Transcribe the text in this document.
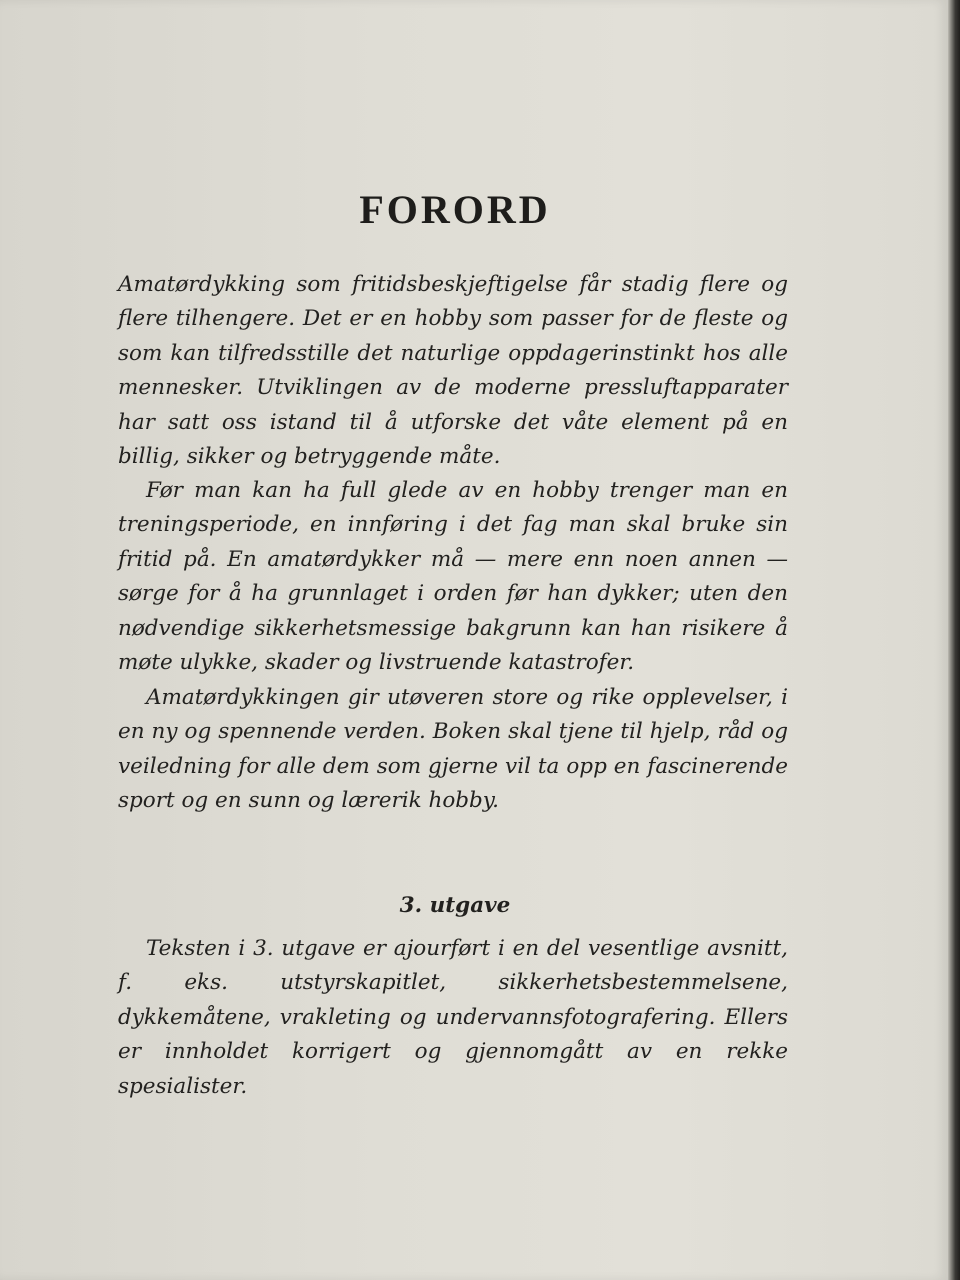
FORORD

Amatørdykking som fritidsbeskjeftigelse får stadig flere og flere tilhengere. Det er en hobby som passer for de fleste og som kan tilfredsstille det naturlige oppdagerinstinkt hos alle mennesker. Utviklingen av de moderne pressluftapparater har satt oss istand til å utforske det våte element på en billig, sikker og betryggende måte.

Før man kan ha full glede av en hobby trenger man en treningsperiode, en innføring i det fag man skal bruke sin fritid på. En amatørdykker må — mere enn noen annen — sørge for å ha grunnlaget i orden før han dykker; uten den nødvendige sikkerhetsmessige bakgrunn kan han risikere å møte ulykke, skader og livstruende katastrofer.

Amatørdykkingen gir utøveren store og rike opplevelser, i en ny og spennende verden. Boken skal tjene til hjelp, råd og veiledning for alle dem som gjerne vil ta opp en fascinerende sport og en sunn og lærerik hobby.

3. utgave

Teksten i 3. utgave er ajourført i en del vesentlige avsnitt, f. eks. utstyrskapitlet, sikkerhetsbestemmelsene, dykkemåtene, vrakleting og undervannsfotografering. Ellers er innholdet korrigert og gjennomgått av en rekke spesialister.
